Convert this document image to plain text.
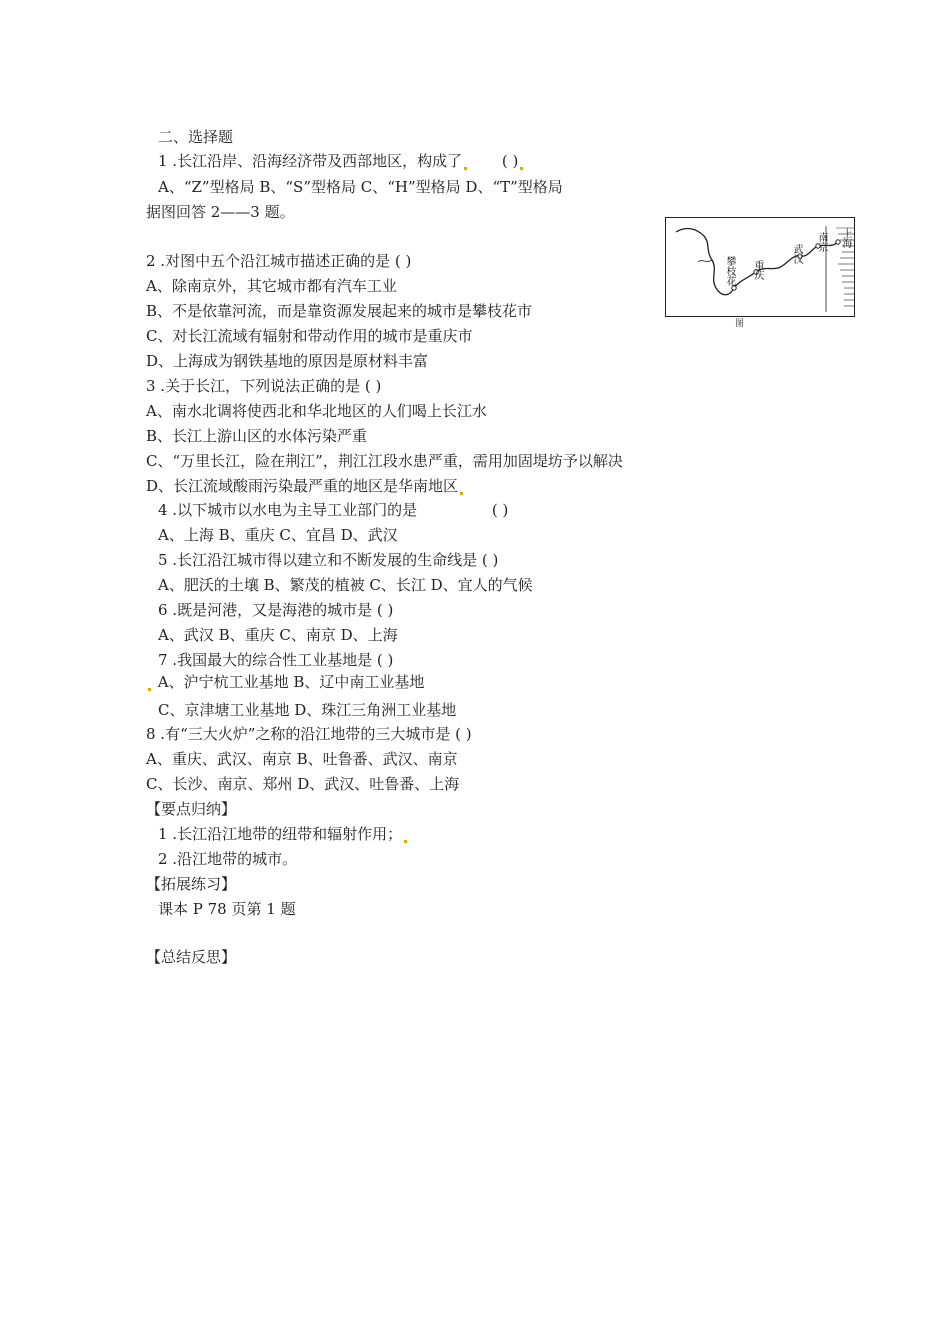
二、选择题
1 .长江沿岸、沿海经济带及西部地区，构成了	( )
A、“Z”型格局 B、“S”型格局 C、“H”型格局 D、“T”型格局
据图回答 2——3 题。
攀枝花 重庆
武汉
南京 上海
图
2 .对图中五个沿江城市描述正确的是 ( )
A、除南京外，其它城市都有汽车工业
B、不是依靠河流，而是靠资源发展起来的城市是攀枝花市
C、对长江流域有辐射和带动作用的城市是重庆市
D、上海成为钢铁基地的原因是原材料丰富
3 .关于长江，下列说法正确的是 ( )
A、南水北调将使西北和华北地区的人们喝上长江水
B、长江上游山区的水体污染严重
C、“万里长江，险在荆江”，荆江江段水患严重，需用加固堤坊予以解决
D、长江流域酸雨污染最严重的地区是华南地区
4 .以下城市以水电为主导工业部门的是	( )
A、上海 B、重庆 C、宜昌 D、武汉
5 .长江沿江城市得以建立和不断发展的生命线是 ( )
A、肥沃的土壤 B、繁茂的植被 C、长江 D、宜人的气候
6 .既是河港，又是海港的城市是 ( )
A、武汉 B、重庆 C、南京 D、上海
7 .我国最大的综合性工业基地是 ( )
A、沪宁杭工业基地 B、辽中南工业基地
C、京津塘工业基地 D、珠江三角洲工业基地
8 .有“三大火炉”之称的沿江地带的三大城市是 ( )
A、重庆、武汉、南京 B、吐鲁番、武汉、南京
C、长沙、南京、郑州 D、武汉、吐鲁番、上海
【要点归纳】
1 .长江沿江地带的纽带和辐射作用；
2 .沿江地带的城市。
【拓展练习】
课本 P 78 页第 1 题
【总结反思】
